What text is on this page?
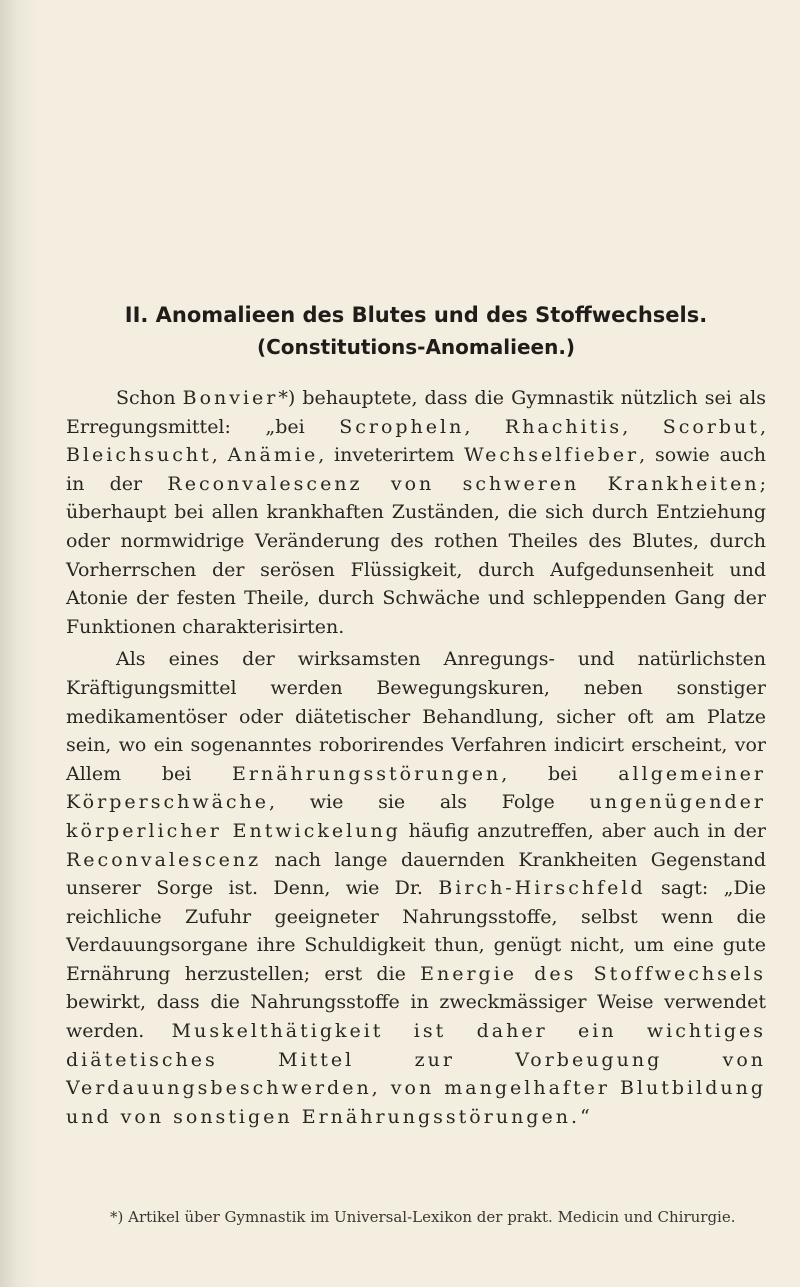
II. Anomalieen des Blutes und des Stoffwechsels.
(Constitutions-Anomalieen.)

Schon Bonvier*) behauptete, dass die Gymnastik nützlich sei als Erregungsmittel: „bei Scropheln, Rhachitis, Scorbut, Bleichsucht, Anämie, inveterirtem Wechselfieber, sowie auch in der Reconvalescenz von schweren Krankheiten; überhaupt bei allen krankhaften Zuständen, die sich durch Entziehung oder normwidrige Veränderung des rothen Theiles des Blutes, durch Vorherrschen der serösen Flüssigkeit, durch Aufgedunsenheit und Atonie der festen Theile, durch Schwäche und schleppenden Gang der Funktionen charakterisirten.

Als eines der wirksamsten Anregungs- und natürlichsten Kräftigungsmittel werden Bewegungskuren, neben sonstiger medikamentöser oder diätetischer Behandlung, sicher oft am Platze sein, wo ein sogenanntes roborirendes Verfahren indicirt erscheint, vor Allem bei Ernährungsstörungen, bei allgemeiner Körperschwäche, wie sie als Folge ungenügender körperlicher Entwickelung häufig anzutreffen, aber auch in der Reconvalescenz nach lange dauernden Krankheiten Gegenstand unserer Sorge ist. Denn, wie Dr. Birch-Hirschfeld sagt: „Die reichliche Zufuhr geeigneter Nahrungsstoffe, selbst wenn die Verdauungsorgane ihre Schuldigkeit thun, genügt nicht, um eine gute Ernährung herzustellen; erst die Energie des Stoffwechsels bewirkt, dass die Nahrungsstoffe in zweckmässiger Weise verwendet werden. Muskelthätigkeit ist daher ein wichtiges diätetisches Mittel zur Vorbeugung von Verdauungsbeschwerden, von mangelhafter Blutbildung und von sonstigen Ernährungsstörungen.“

*) Artikel über Gymnastik im Universal-Lexikon der prakt. Medicin und Chirurgie.
